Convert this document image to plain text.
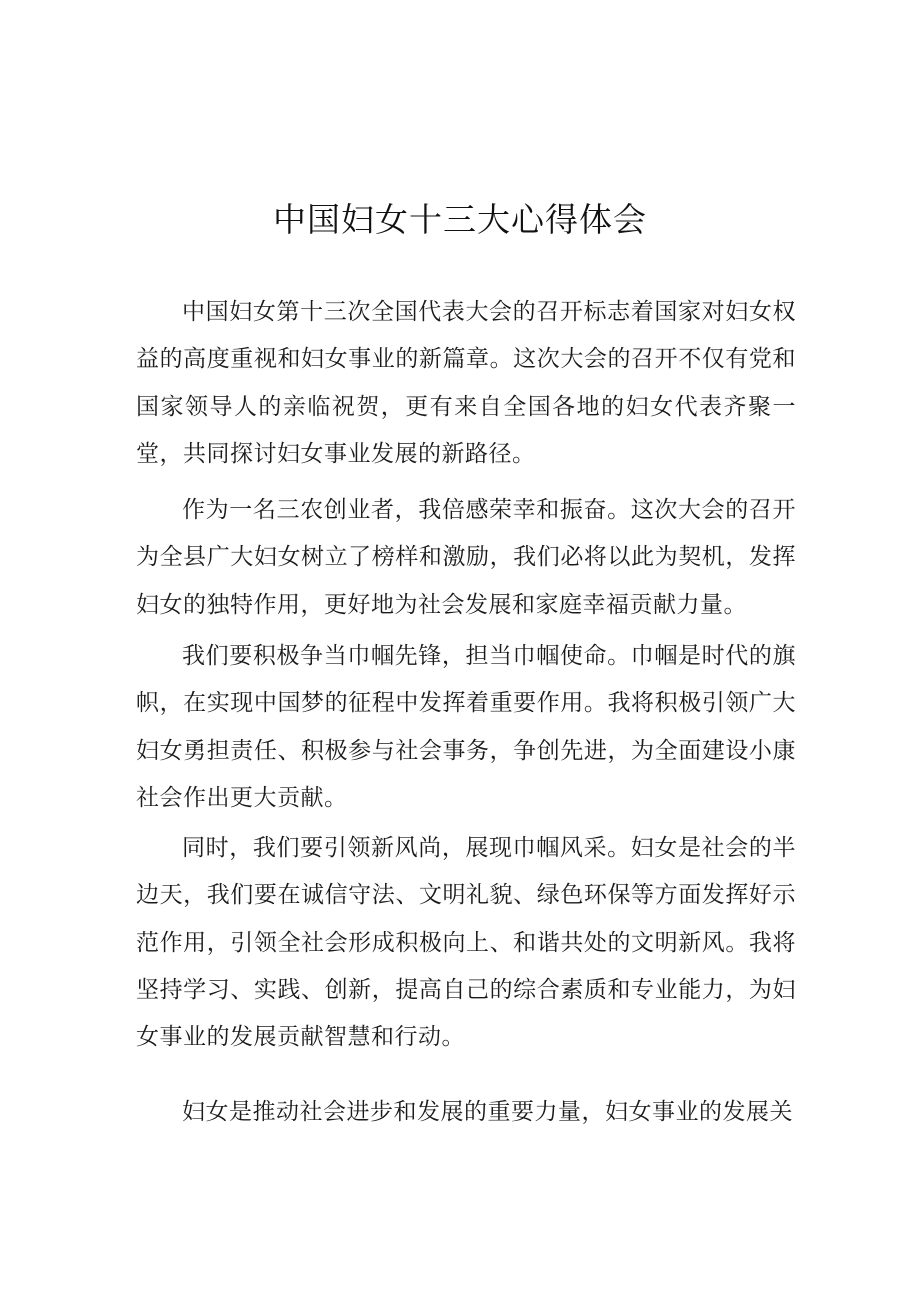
中国妇女十三大心得体会

中国妇女第十三次全国代表大会的召开标志着国家对妇女权益的高度重视和妇女事业的新篇章。这次大会的召开不仅有党和国家领导人的亲临祝贺，更有来自全国各地的妇女代表齐聚一堂，共同探讨妇女事业发展的新路径。

作为一名三农创业者，我倍感荣幸和振奋。这次大会的召开为全县广大妇女树立了榜样和激励，我们必将以此为契机，发挥妇女的独特作用，更好地为社会发展和家庭幸福贡献力量。

我们要积极争当巾帼先锋，担当巾帼使命。巾帼是时代的旗帜，在实现中国梦的征程中发挥着重要作用。我将积极引领广大妇女勇担责任、积极参与社会事务，争创先进，为全面建设小康社会作出更大贡献。

同时，我们要引领新风尚，展现巾帼风采。妇女是社会的半边天，我们要在诚信守法、文明礼貌、绿色环保等方面发挥好示范作用，引领全社会形成积极向上、和谐共处的文明新风。我将坚持学习、实践、创新，提高自己的综合素质和专业能力，为妇女事业的发展贡献智慧和行动。

妇女是推动社会进步和发展的重要力量，妇女事业的发展关
